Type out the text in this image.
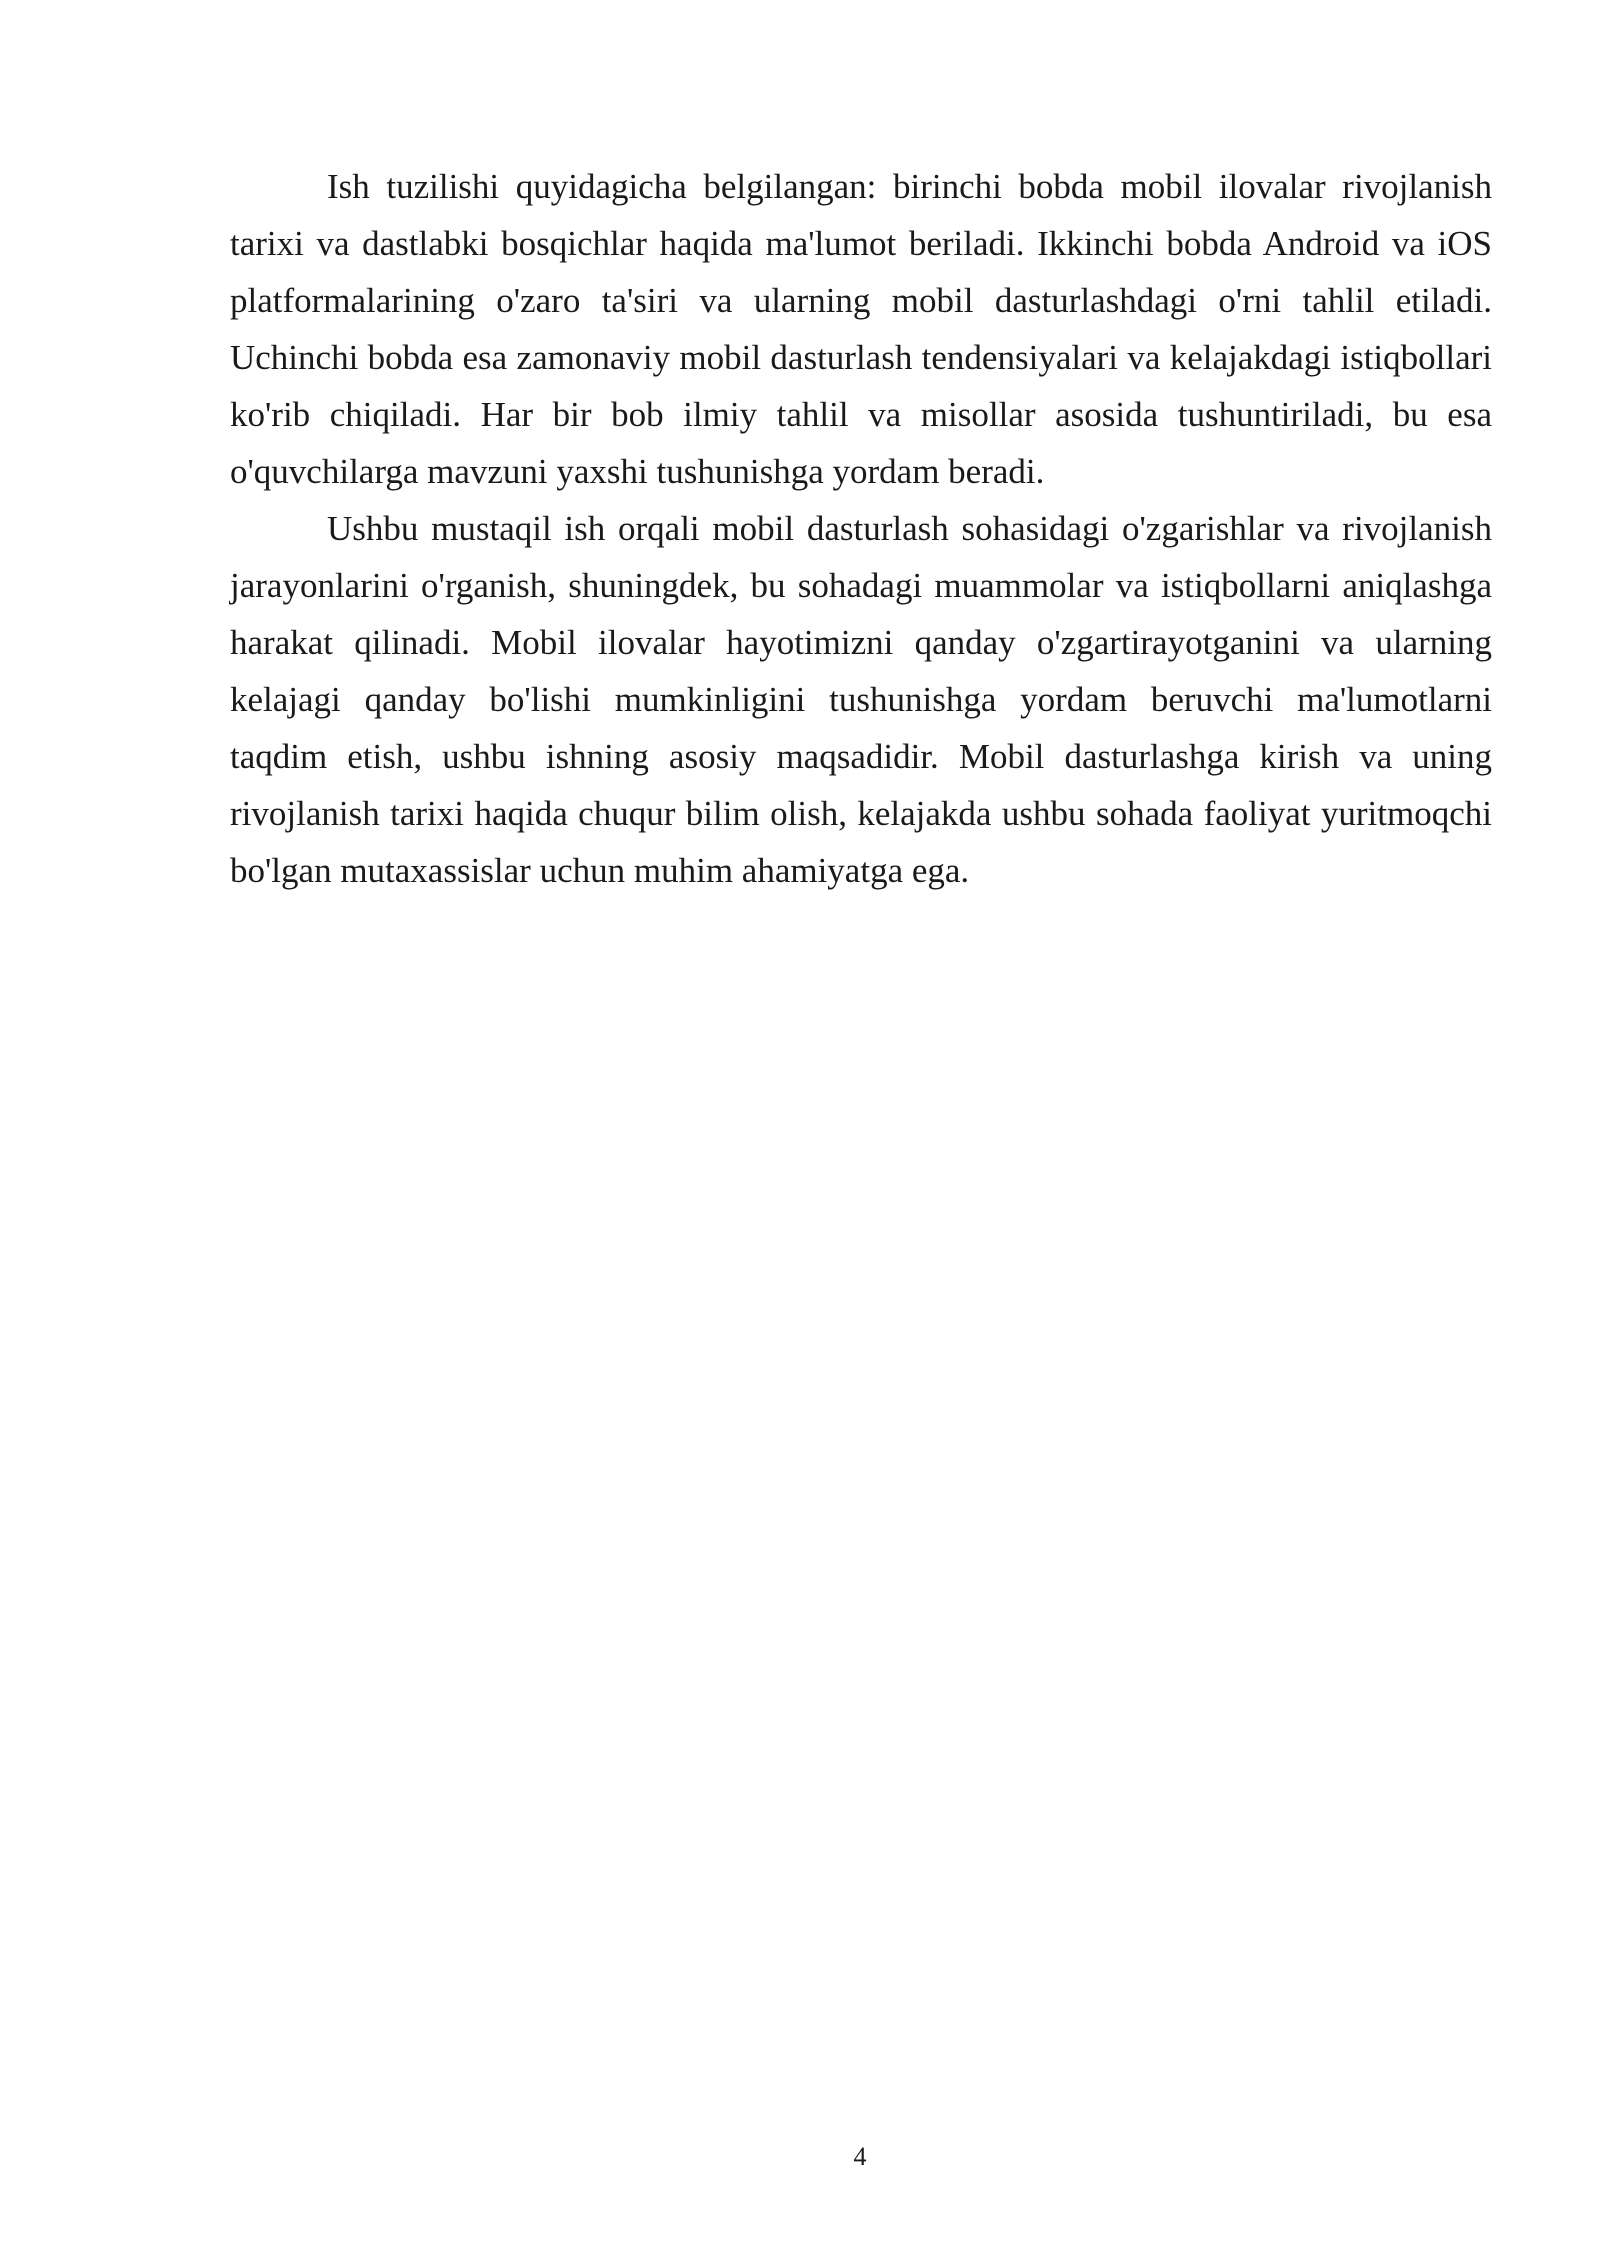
Ish tuzilishi quyidagicha belgilangan: birinchi bobda mobil ilovalar rivojlanish tarixi va dastlabki bosqichlar haqida ma'lumot beriladi. Ikkinchi bobda Android va iOS platformalarining o'zaro ta'siri va ularning mobil dasturlashdagi o'rni tahlil etiladi. Uchinchi bobda esa zamonaviy mobil dasturlash tendensiyalari va kelajakdagi istiqbollari ko'rib chiqiladi. Har bir bob ilmiy tahlil va misollar asosida tushuntiriladi, bu esa o'quvchilarga mavzuni yaxshi tushunishga yordam beradi.

Ushbu mustaqil ish orqali mobil dasturlash sohasidagi o'zgarishlar va rivojlanish jarayonlarini o'rganish, shuningdek, bu sohadagi muammolar va istiqbollarni aniqlashga harakat qilinadi. Mobil ilovalar hayotimizni qanday o'zgartirayotganini va ularning kelajagi qanday bo'lishi mumkinligini tushunishga yordam beruvchi ma'lumotlarni taqdim etish, ushbu ishning asosiy maqsadidir. Mobil dasturlashga kirish va uning rivojlanish tarixi haqida chuqur bilim olish, kelajakda ushbu sohada faoliyat yuritmoqchi bo'lgan mutaxassislar uchun muhim ahamiyatga ega.

4
